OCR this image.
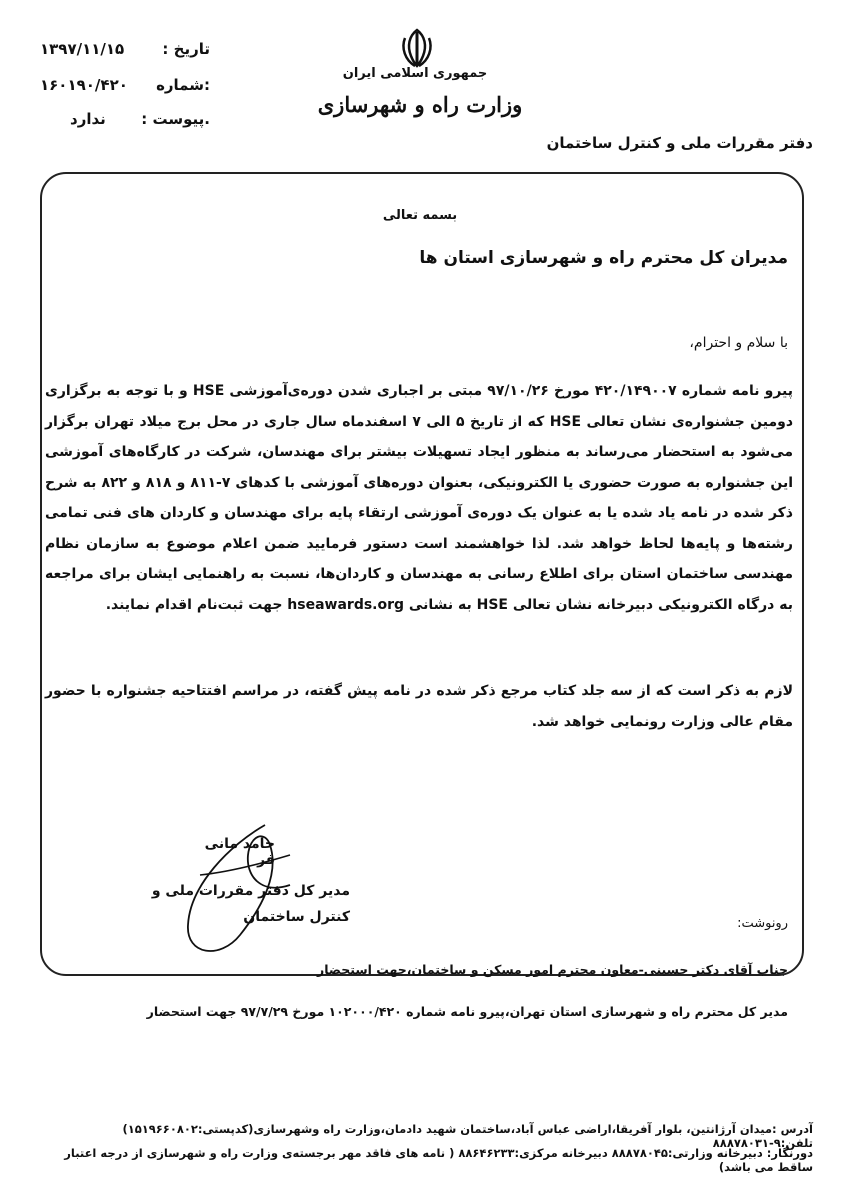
تاریخ :
۱۳۹۷/۱۱/۱۵
:شماره
۱۶۰۱۹۰/۴۲۰
.پیوست :
ندارد
جمهوری اسلامی ایران
وزارت راه و شهرسازی
دفتر مقررات ملی و کنترل ساختمان
بسمه تعالی
مدیران کل محترم راه و شهرسازی استان ها
با سلام و احترام،
پیرو نامه شماره ۴۲۰/۱۴۹۰۰۷ مورخ ۹۷/۱۰/۲۶ مبتی بر اجباری شدن دوره‌ی‌آموزشی HSE و با توجه به برگزاری دومین جشنواره‌ی نشان تعالی HSE که از تاریخ ۵ الی ۷ اسفندماه سال جاری در محل برج میلاد تهران برگزار می‌شود به استحضار می‌رساند به منظور ایجاد تسهیلات بیشتر برای مهندسان، شرکت در کارگاه‌های آموزشی این جشنواره به صورت حضوری یا الکترونیکی، بعنوان دوره‌های آموزشی با کدهای ۷-۸۱۱ و ۸۱۸ و ۸۲۲ به شرح ذکر شده در نامه یاد شده یا به عنوان یک دوره‌ی آموزشی ارتقاء پایه برای مهندسان و کاردان های فنی تمامی رشته‌ها و پایه‌ها لحاظ خواهد شد. لذا خواهشمند است دستور فرمایید ضمن اعلام موضوع به سازمان نظام مهندسی ساختمان استان برای اطلاع رسانی به مهندسان و کاردان‌ها، نسبت به راهنمایی ایشان برای مراجعه به درگاه الکترونیکی دبیرخانه نشان تعالی HSE به نشانی hseawards.org جهت ثبت‌نام اقدام نمایند.
لازم به ذکر است که از سه جلد کتاب مرجع ذکر شده در نامه پیش گفته، در مراسم افتتاحیه جشنواره با حضور مقام عالی وزارت رونمایی خواهد شد.
حامد مانی فر
مدیر کل دفتر مقررات ملی و کنترل ساختمان	رونوشت:
جناب آقای دکتر حسینی-معاون محترم امور مسکن و ساختمان،جهت استحضار
مدیر کل محترم راه و شهرسازی استان تهران،پیرو نامه شماره ۱۰۲۰۰۰/۴۲۰ مورخ ۹۷/۷/۲۹ جهت استحضار
آدرس :میدان آرژانتین، بلوار آفریقا،اراضی عباس آباد،ساختمان شهید دادمان،وزارت راه وشهرسازی(کدپستی:۱۵۱۹۶۶۰۸۰۲) تلفن:۹-۸۸۸۷۸۰۳۱
دورنگار: دبیرخانه وزارتی:۸۸۸۷۸۰۴۵ دبیرخانه مرکزی:۸۸۶۴۶۲۳۳ ( نامه های فاقد مهر برجسته‌ی وزارت راه و شهرسازی از درجه اعتبار ساقط می باشد)
